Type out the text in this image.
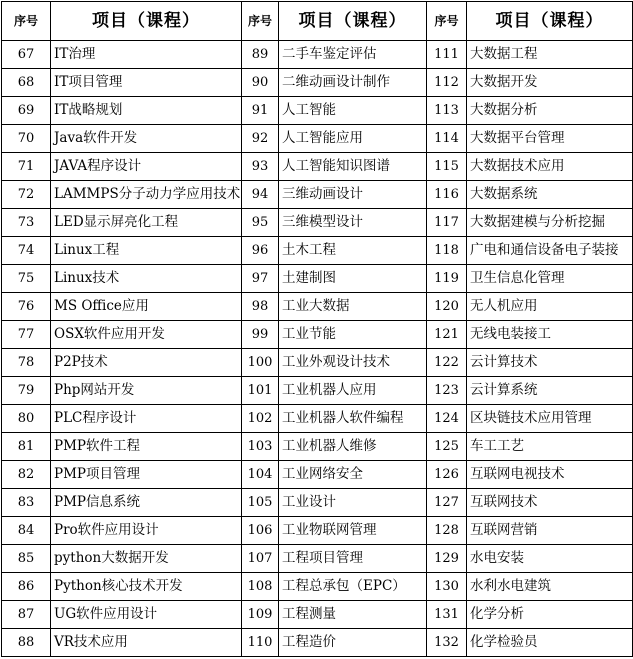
序号	项目（课程）	序号	项目（课程）	序号	项目（课程）
67	IT治理	89	二手车鉴定评估	111	大数据工程
68	IT项目管理	90	二维动画设计制作	112	大数据开发
69	IT战略规划	91	人工智能	113	大数据分析
70	Java软件开发	92	人工智能应用	114	大数据平台管理
71	JAVA程序设计	93	人工智能知识图谱	115	大数据技术应用
72	LAMMPS分子动力学应用技术	94	三维动画设计	116	大数据系统
73	LED显示屏亮化工程	95	三维模型设计	117	大数据建模与分析挖掘
74	Linux工程	96	土木工程	118	广电和通信设备电子装接
75	Linux技术	97	土建制图	119	卫生信息化管理
76	MS Office应用	98	工业大数据	120	无人机应用
77	OSX软件应用开发	99	工业节能	121	无线电装接工
78	P2P技术	100	工业外观设计技术	122	云计算技术
79	Php网站开发	101	工业机器人应用	123	云计算系统
80	PLC程序设计	102	工业机器人软件编程	124	区块链技术应用管理
81	PMP软件工程	103	工业机器人维修	125	车工工艺
82	PMP项目管理	104	工业网络安全	126	互联网电视技术
83	PMP信息系统	105	工业设计	127	互联网技术
84	Pro软件应用设计	106	工业物联网管理	128	互联网营销
85	python大数据开发	107	工程项目管理	129	水电安装
86	Python核心技术开发	108	工程总承包（EPC）	130	水利水电建筑
87	UG软件应用设计	109	工程测量	131	化学分析
88	VR技术应用	110	工程造价	132	化学检验员
